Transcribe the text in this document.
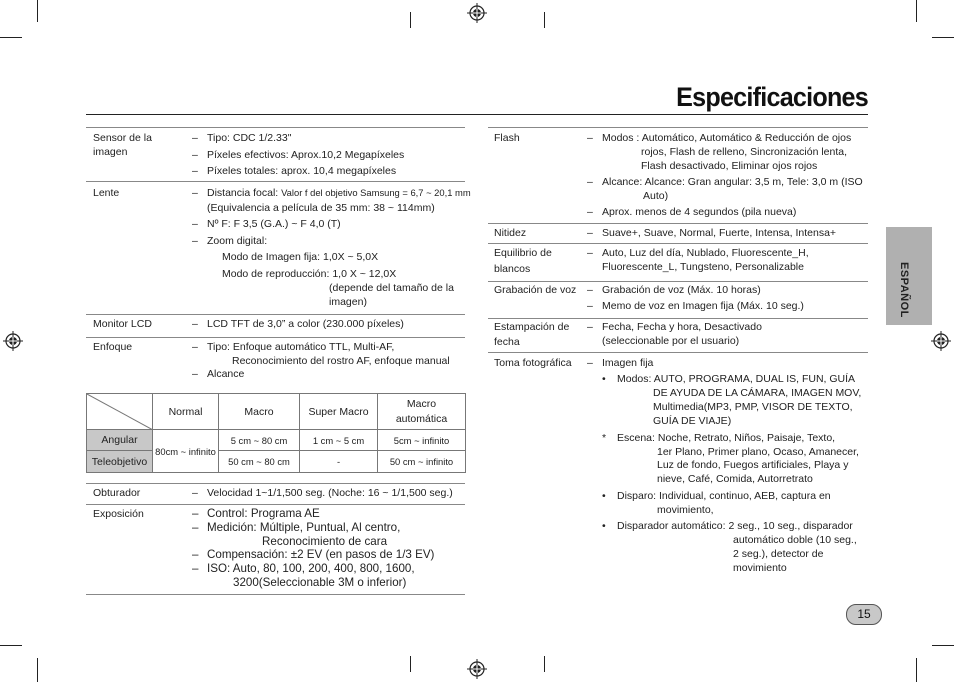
Especificaciones
ESPAÑOL
Sensor de la
imagen
– Tipo: CDC 1/2.33"
– Píxeles efectivos: Aprox.10,2 Megapíxeles
– Píxeles totales: aprox. 10,4 megapíxeles
Lente	– Distancia focal: Valor f del objetivo Samsung = 6,7 ~ 20,1 mm
(Equivalencia a película de 35 mm: 38 ~ 114mm)
– Nº F: F 3,5 (G.A.) ~ F 4,0 (T)
– Zoom digital:
Modo de Imagen fija: 1,0X ~ 5,0X
Modo de reproducción: 1,0 X ~ 12,0X
(depende del tamaño de la
imagen)
Monitor LCD	– LCD TFT de 3,0” a color (230.000 píxeles)
Enfoque	– Tipo: Enfoque automático TTL, Multi-AF,
Reconocimiento del rostro AF, enfoque manual
– Alcance
	Normal	Macro	Super Macro	Macro
automática
Angular	80cm ~ infinito	5 cm ~ 80 cm	1 cm ~ 5 cm	5cm ~ infinito
Teleobjetivo		50 cm ~ 80 cm	-	50 cm ~ infinito
Obturador	– Velocidad 1~1/1,500 seg. (Noche: 16 ~ 1/1,500 seg.)
Exposición	– Control: Programa AE
– Medición: Múltiple, Puntual, Al centro,
Reconocimiento de cara
– Compensación: ±2 EV (en pasos de 1/3 EV)
– ISO: Auto, 80, 100, 200, 400, 800, 1600,
3200(Seleccionable 3M o inferior)
Flash	– Modos : Automático, Automático & Reducción de ojos
rojos, Flash de relleno, Sincronización lenta,
Flash desactivado, Eliminar ojos rojos
– Alcance: Alcance: Gran angular: 3,5 m, Tele: 3,0 m (ISO
Auto)
– Aprox. menos de 4 segundos (pila nueva)
Nitidez	– Suave+, Suave, Normal, Fuerte, Intensa, Intensa+
Equilibrio de
blancos
– Auto, Luz del día, Nublado, Fluorescente_H,
Fluorescente_L, Tungsteno, Personalizable
Grabación de voz – Grabación de voz (Máx. 10 horas)
– Memo de voz en Imagen fija (Máx. 10 seg.)
Estampación de
fecha
– Fecha, Fecha y hora, Desactivado
(seleccionable por el usuario)
Toma fotográfica – Imagen fija
• Modos: AUTO, PROGRAMA, DUAL IS, FUN, GUÍA
DE AYUDA DE LA CÁMARA, IMAGEN MOV,
Multimedia(MP3, PMP, VISOR DE TEXTO,
GUÍA DE VIAJE)
* Escena: Noche, Retrato, Niños, Paisaje, Texto,
1er Plano, Primer plano, Ocaso, Amanecer,
Luz de fondo, Fuegos artificiales, Playa y
nieve, Café, Comida, Autorretrato
• Disparo: Individual, continuo, AEB, captura en
movimiento,
• Disparador automático: 2 seg., 10 seg., disparador
automático doble (10 seg.,
2 seg.), detector de
movimiento
15
